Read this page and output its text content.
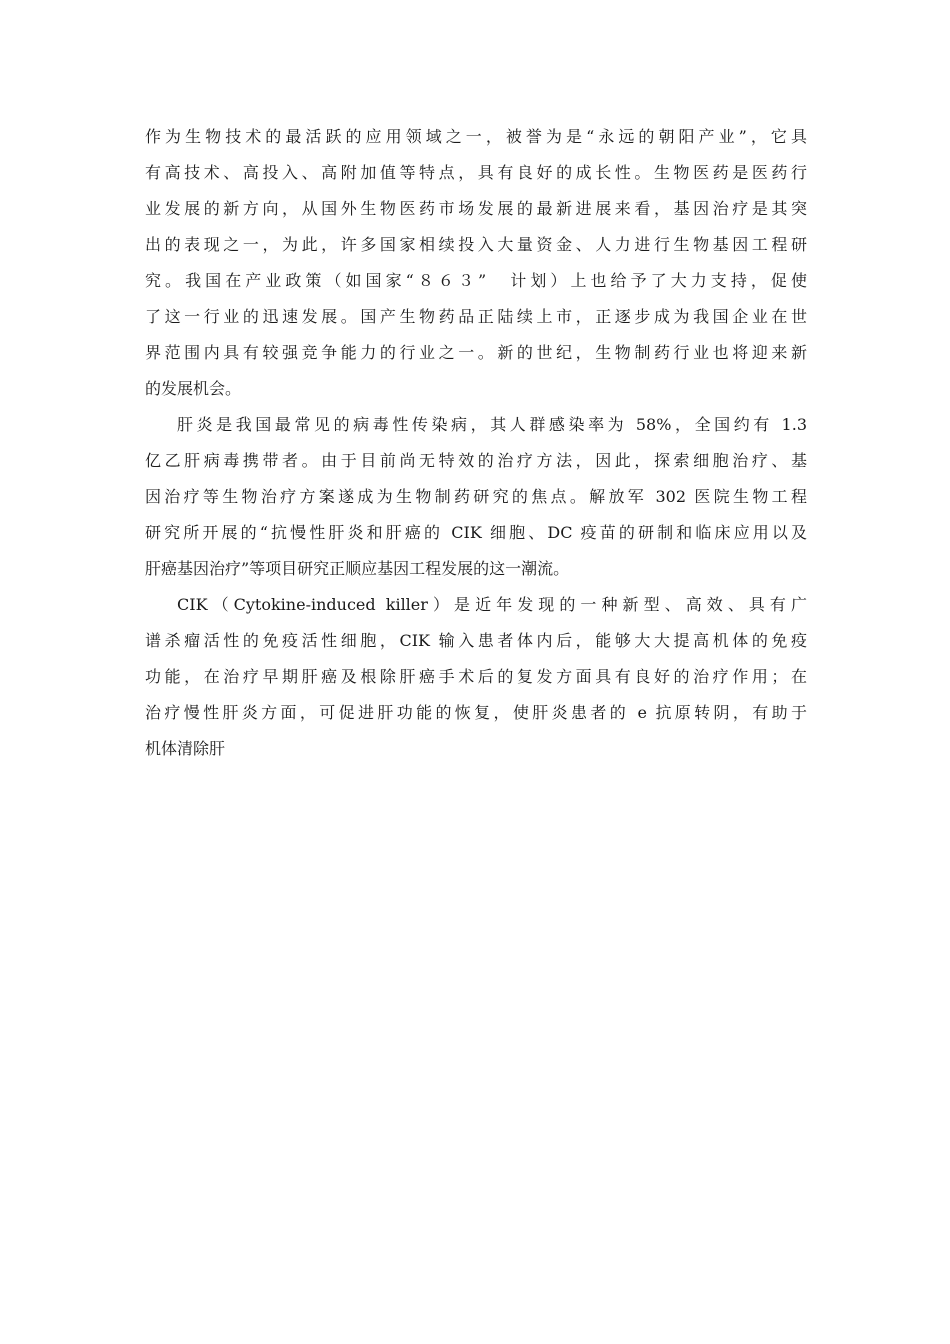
作为生物技术的最活跃的应用领域之一，被誉为是“永远的朝阳产业”，它具
有高技术、高投入、高附加值等特点，具有良好的成长性。生物医药是医药行
业发展的新方向，从国外生物医药市场发展的最新进展来看，基因治疗是其突
出的表现之一，为此，许多国家相续投入大量资金、人力进行生物基因工程研
究。我国在产业政策（如国家“８６３”　计划）上也给予了大力支持，促使
了这一行业的迅速发展。国产生物药品正陆续上市，正逐步成为我国企业在世
界范围内具有较强竞争能力的行业之一。新的世纪，生物制药行业也将迎来新
的发展机会。

肝炎是我国最常见的病毒性传染病，其人群感染率为 58%，全国约有 1.3
亿乙肝病毒携带者。由于目前尚无特效的治疗方法，因此，探索细胞治疗、基
因治疗等生物治疗方案遂成为生物制药研究的焦点。解放军 302 医院生物工程
研究所开展的“抗慢性肝炎和肝癌的 CIK 细胞、DC 疫苗的研制和临床应用以及
肝癌基因治疗”等项目研究正顺应基因工程发展的这一潮流。

CIK（Cytokine-induced killer）是近年发现的一种新型、高效、具有广
谱杀瘤活性的免疫活性细胞，CIK 输入患者体内后，能够大大提高机体的免疫
功能，在治疗早期肝癌及根除肝癌手术后的复发方面具有良好的治疗作用；在
治疗慢性肝炎方面，可促进肝功能的恢复，使肝炎患者的 e 抗原转阴，有助于
机体清除肝
